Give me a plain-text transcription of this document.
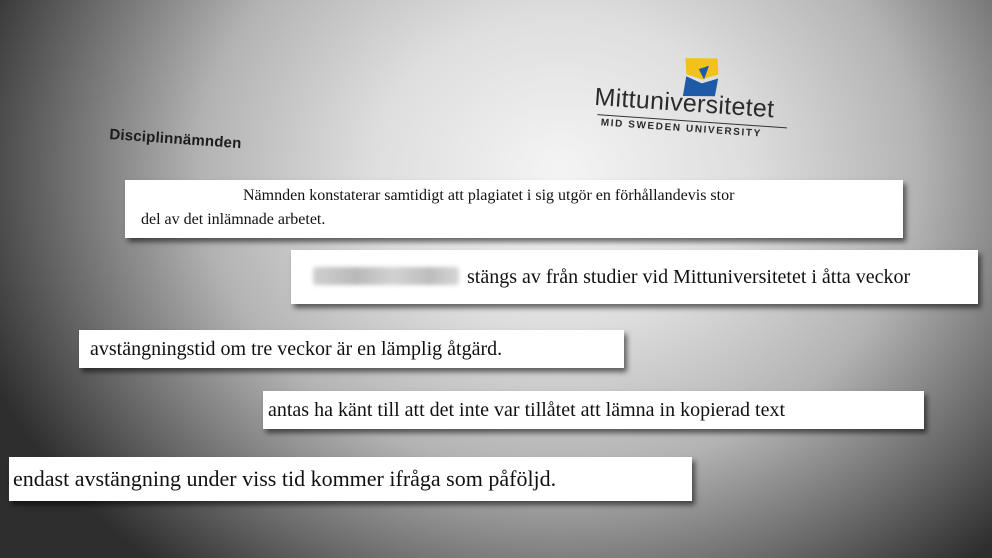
Disciplinnämnden
Mittuniversitetet
MID SWEDEN UNIVERSITY
Nämnden konstaterar samtidigt att plagiatet i sig utgör en förhållandevis stor
del av det inlämnade arbetet.
stängs av från studier vid Mittuniversitetet i åtta veckor
avstängningstid om tre veckor är en lämplig åtgärd.
antas ha känt till att det inte var tillåtet att lämna in kopierad text
endast avstängning under viss tid kommer ifråga som påföljd.
